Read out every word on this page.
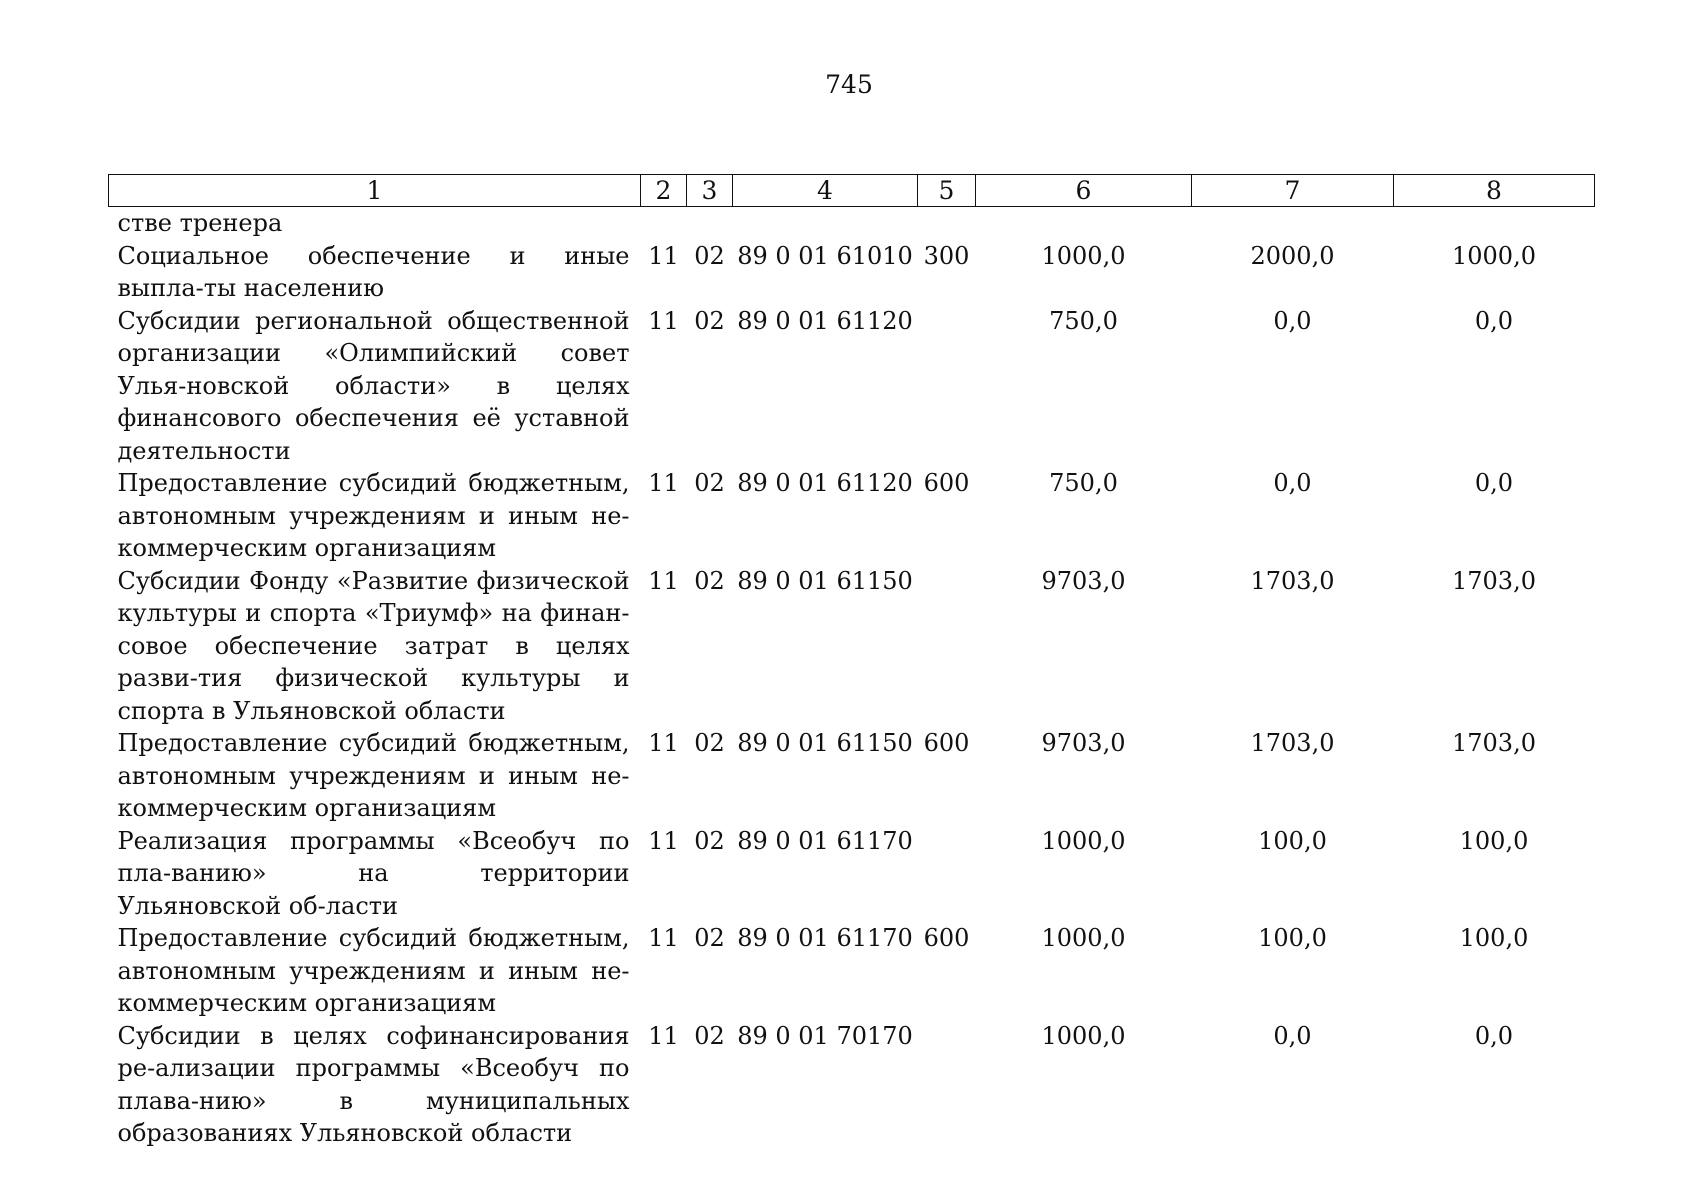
745
1	2	3	4	5	6	7	8
стве тренера							
Социальное обеспечение и иные выпла-ты населению	11	02	89 0 01 61010	300	1000,0	2000,0	1000,0
Субсидии региональной общественной организации «Олимпийский совет Улья-новской области» в целях финансового обеспечения её уставной деятельности	11	02	89 0 01 61120		750,0	0,0	0,0
Предоставление субсидий бюджетным, автономным учреждениям и иным не-коммерческим организациям	11	02	89 0 01 61120	600	750,0	0,0	0,0
Субсидии Фонду «Развитие физической культуры и спорта «Триумф» на финан-совое обеспечение затрат в целях разви-тия физической культуры и спорта в Ульяновской области	11	02	89 0 01 61150		9703,0	1703,0	1703,0
Предоставление субсидий бюджетным, автономным учреждениям и иным не-коммерческим организациям	11	02	89 0 01 61150	600	9703,0	1703,0	1703,0
Реализация программы «Всеобуч по пла-ванию» на территории Ульяновской об-ласти	11	02	89 0 01 61170		1000,0	100,0	100,0
Предоставление субсидий бюджетным, автономным учреждениям и иным не-коммерческим организациям	11	02	89 0 01 61170	600	1000,0	100,0	100,0
Субсидии в целях софинансирования ре-ализации программы «Всеобуч по плава-нию» в муниципальных образованиях Ульяновской области	11	02	89 0 01 70170		1000,0	0,0	0,0
